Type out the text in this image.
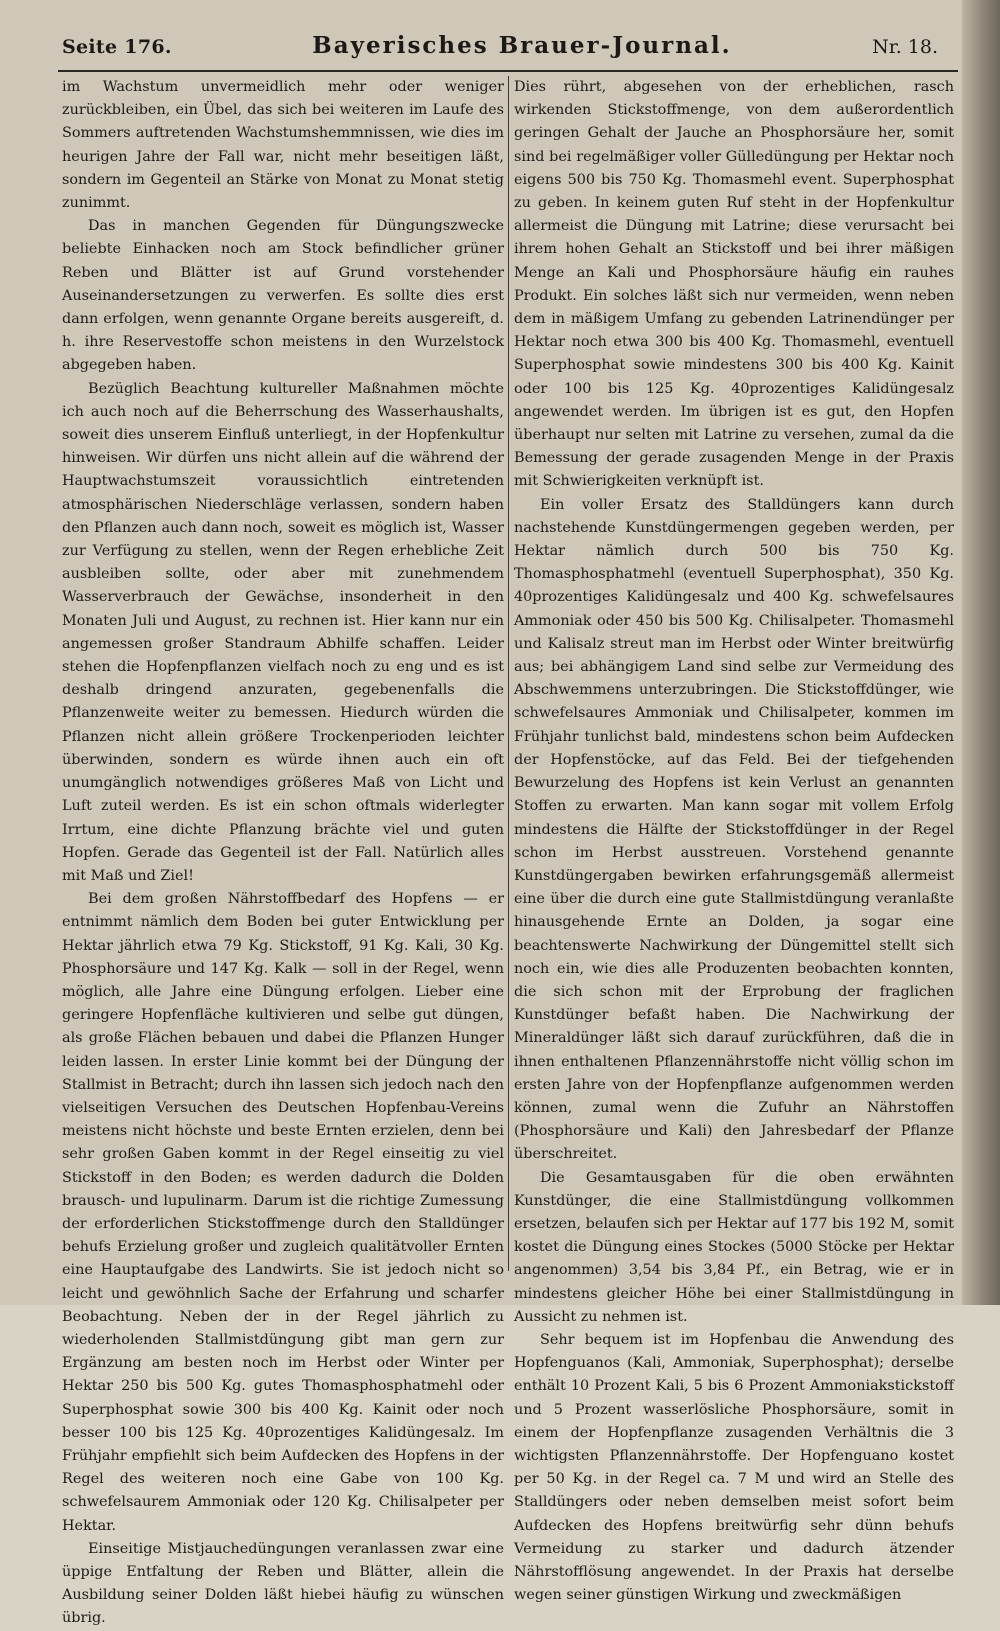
Seite 176.	Bayerisches Brauer-Journal.	Nr. 18.

im Wachstum unvermeidlich mehr oder weniger zurückbleiben, ein Übel, das sich bei weiteren im Laufe des Sommers auftretenden Wachstumshemmnissen, wie dies im heurigen Jahre der Fall war, nicht mehr beseitigen läßt, sondern im Gegenteil an Stärke von Monat zu Monat stetig zunimmt.

Das in manchen Gegenden für Düngungszwecke beliebte Einhacken noch am Stock befindlicher grüner Reben und Blätter ist auf Grund vorstehender Auseinandersetzungen zu verwerfen. Es sollte dies erst dann erfolgen, wenn genannte Organe bereits ausgereift, d. h. ihre Reservestoffe schon meistens in den Wurzelstock abgegeben haben.

Bezüglich Beachtung kultureller Maßnahmen möchte ich auch noch auf die Beherrschung des Wasserhaushalts, soweit dies unserem Einfluß unterliegt, in der Hopfenkultur hinweisen. Wir dürfen uns nicht allein auf die während der Hauptwachstumszeit voraussichtlich eintretenden atmosphärischen Niederschläge verlassen, sondern haben den Pflanzen auch dann noch, soweit es möglich ist, Wasser zur Verfügung zu stellen, wenn der Regen erhebliche Zeit ausbleiben sollte, oder aber mit zunehmendem Wasserverbrauch der Gewächse, insonderheit in den Monaten Juli und August, zu rechnen ist. Hier kann nur ein angemessen großer Standraum Abhilfe schaffen. Leider stehen die Hopfenpflanzen vielfach noch zu eng und es ist deshalb dringend anzuraten, gegebenenfalls die Pflanzenweite weiter zu bemessen. Hiedurch würden die Pflanzen nicht allein größere Trockenperioden leichter überwinden, sondern es würde ihnen auch ein oft unumgänglich notwendiges größeres Maß von Licht und Luft zuteil werden. Es ist ein schon oftmals widerlegter Irrtum, eine dichte Pflanzung brächte viel und guten Hopfen. Gerade das Gegenteil ist der Fall. Natürlich alles mit Maß und Ziel!

Bei dem großen Nährstoffbedarf des Hopfens — er entnimmt nämlich dem Boden bei guter Entwicklung per Hektar jährlich etwa 79 Kg. Stickstoff, 91 Kg. Kali, 30 Kg. Phosphorsäure und 147 Kg. Kalk — soll in der Regel, wenn möglich, alle Jahre eine Düngung erfolgen. Lieber eine geringere Hopfenfläche kultivieren und selbe gut düngen, als große Flächen bebauen und dabei die Pflanzen Hunger leiden lassen. In erster Linie kommt bei der Düngung der Stallmist in Betracht; durch ihn lassen sich jedoch nach den vielseitigen Versuchen des Deutschen Hopfenbau-Vereins meistens nicht höchste und beste Ernten erzielen, denn bei sehr großen Gaben kommt in der Regel einseitig zu viel Stickstoff in den Boden; es werden dadurch die Dolden brausch- und lupulinarm. Darum ist die richtige Zumessung der erforderlichen Stickstoffmenge durch den Stalldünger behufs Erzielung großer und zugleich qualitätvoller Ernten eine Hauptaufgabe des Landwirts. Sie ist jedoch nicht so leicht und gewöhnlich Sache der Erfahrung und scharfer Beobachtung. Neben der in der Regel jährlich zu wiederholenden Stallmistdüngung gibt man gern zur Ergänzung am besten noch im Herbst oder Winter per Hektar 250 bis 500 Kg. gutes Thomasphosphatmehl oder Superphosphat sowie 300 bis 400 Kg. Kainit oder noch besser 100 bis 125 Kg. 40prozentiges Kalidüngesalz. Im Frühjahr empfiehlt sich beim Aufdecken des Hopfens in der Regel des weiteren noch eine Gabe von 100 Kg. schwefelsaurem Ammoniak oder 120 Kg. Chilisalpeter per Hektar.

Einseitige Mistjauchedüngungen veranlassen zwar eine üppige Entfaltung der Reben und Blätter, allein die Ausbildung seiner Dolden läßt hiebei häufig zu wünschen übrig.

Dies rührt, abgesehen von der erheblichen, rasch wirkenden Stickstoffmenge, von dem außerordentlich geringen Gehalt der Jauche an Phosphorsäure her, somit sind bei regelmäßiger voller Gülledüngung per Hektar noch eigens 500 bis 750 Kg. Thomasmehl event. Superphosphat zu geben. In keinem guten Ruf steht in der Hopfenkultur allermeist die Düngung mit Latrine; diese verursacht bei ihrem hohen Gehalt an Stickstoff und bei ihrer mäßigen Menge an Kali und Phosphorsäure häufig ein rauhes Produkt. Ein solches läßt sich nur vermeiden, wenn neben dem in mäßigem Umfang zu gebenden Latrinendünger per Hektar noch etwa 300 bis 400 Kg. Thomasmehl, eventuell Superphosphat sowie mindestens 300 bis 400 Kg. Kainit oder 100 bis 125 Kg. 40prozentiges Kalidüngesalz angewendet werden. Im übrigen ist es gut, den Hopfen überhaupt nur selten mit Latrine zu versehen, zumal da die Bemessung der gerade zusagenden Menge in der Praxis mit Schwierigkeiten verknüpft ist.

Ein voller Ersatz des Stalldüngers kann durch nachstehende Kunstdüngermengen gegeben werden, per Hektar nämlich durch 500 bis 750 Kg. Thomasphosphatmehl (eventuell Superphosphat), 350 Kg. 40prozentiges Kalidüngesalz und 400 Kg. schwefelsaures Ammoniak oder 450 bis 500 Kg. Chilisalpeter. Thomasmehl und Kalisalz streut man im Herbst oder Winter breitwürfig aus; bei abhängigem Land sind selbe zur Vermeidung des Abschwemmens unterzubringen. Die Stickstoffdünger, wie schwefelsaures Ammoniak und Chilisalpeter, kommen im Frühjahr tunlichst bald, mindestens schon beim Aufdecken der Hopfenstöcke, auf das Feld. Bei der tiefgehenden Bewurzelung des Hopfens ist kein Verlust an genannten Stoffen zu erwarten. Man kann sogar mit vollem Erfolg mindestens die Hälfte der Stickstoffdünger in der Regel schon im Herbst ausstreuen. Vorstehend genannte Kunstdüngergaben bewirken erfahrungsgemäß allermeist eine über die durch eine gute Stallmistdüngung veranlaßte hinausgehende Ernte an Dolden, ja sogar eine beachtenswerte Nachwirkung der Düngemittel stellt sich noch ein, wie dies alle Produzenten beobachten konnten, die sich schon mit der Erprobung der fraglichen Kunstdünger befaßt haben. Die Nachwirkung der Mineraldünger läßt sich darauf zurückführen, daß die in ihnen enthaltenen Pflanzennährstoffe nicht völlig schon im ersten Jahre von der Hopfenpflanze aufgenommen werden können, zumal wenn die Zufuhr an Nährstoffen (Phosphorsäure und Kali) den Jahresbedarf der Pflanze überschreitet.

Die Gesamtausgaben für die oben erwähnten Kunstdünger, die eine Stallmistdüngung vollkommen ersetzen, belaufen sich per Hektar auf 177 bis 192 M, somit kostet die Düngung eines Stockes (5000 Stöcke per Hektar angenommen) 3,54 bis 3,84 Pf., ein Betrag, wie er in mindestens gleicher Höhe bei einer Stallmistdüngung in Aussicht zu nehmen ist.

Sehr bequem ist im Hopfenbau die Anwendung des Hopfenguanos (Kali, Ammoniak, Superphosphat); derselbe enthält 10 Prozent Kali, 5 bis 6 Prozent Ammoniakstickstoff und 5 Prozent wasserlösliche Phosphorsäure, somit in einem der Hopfenpflanze zusagenden Verhältnis die 3 wichtigsten Pflanzennährstoffe. Der Hopfenguano kostet per 50 Kg. in der Regel ca. 7 M und wird an Stelle des Stalldüngers oder neben demselben meist sofort beim Aufdecken des Hopfens breitwürfig sehr dünn behufs Vermeidung zu starker und dadurch ätzender Nährstofflösung angewendet. In der Praxis hat derselbe wegen seiner günstigen Wirkung und zweckmäßigen
